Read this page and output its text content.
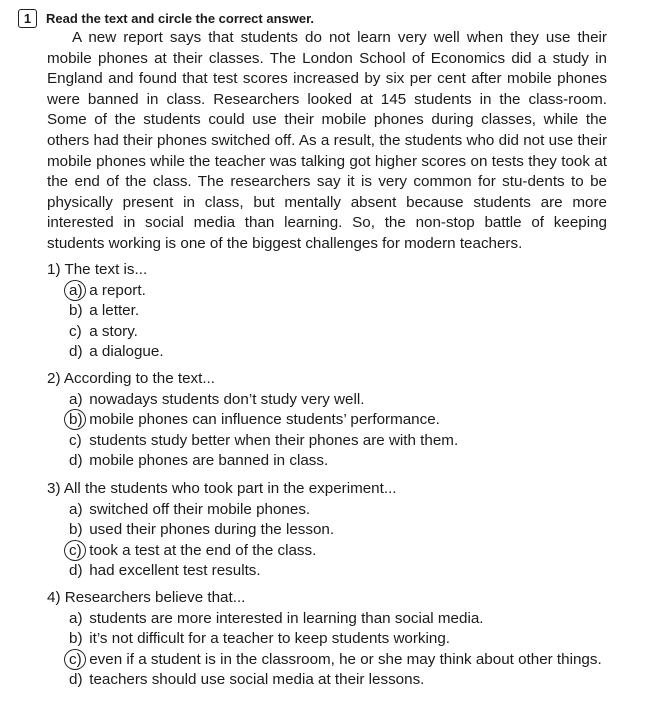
1	Read the text and circle the correct answer.

A new report says that students do not learn very well when they use their mobile phones at their classes. The London School of Economics did a study in England and found that test scores increased by six per cent after mobile phones were banned in class. Researchers looked at 145 students in the class-room. Some of the students could use their mobile phones during classes, while the others had their phones switched off. As a result, the students who did not use their mobile phones while the teacher was talking got higher scores on tests they took at the end of the class. The researchers say it is very common for stu-dents to be physically present in class, but mentally absent because students are more interested in social media than learning. So, the non-stop battle of keeping students working is one of the biggest challenges for modern teachers.

1) The text is...
a) a report.
b) a letter.
c) a story.
d) a dialogue.
2) According to the text...
a) nowadays students don’t study very well.
b) mobile phones can influence students’ performance.
c) students study better when their phones are with them.
d) mobile phones are banned in class.
3) All the students who took part in the experiment...
a) switched off their mobile phones.
b) used their phones during the lesson.
c) took a test at the end of the class.
d) had excellent test results.
4) Researchers believe that...
a) students are more interested in learning than social media.
b) it’s not difficult for a teacher to keep students working.
c) even if a student is in the classroom, he or she may think about other things.
d) teachers should use social media at their lessons.
